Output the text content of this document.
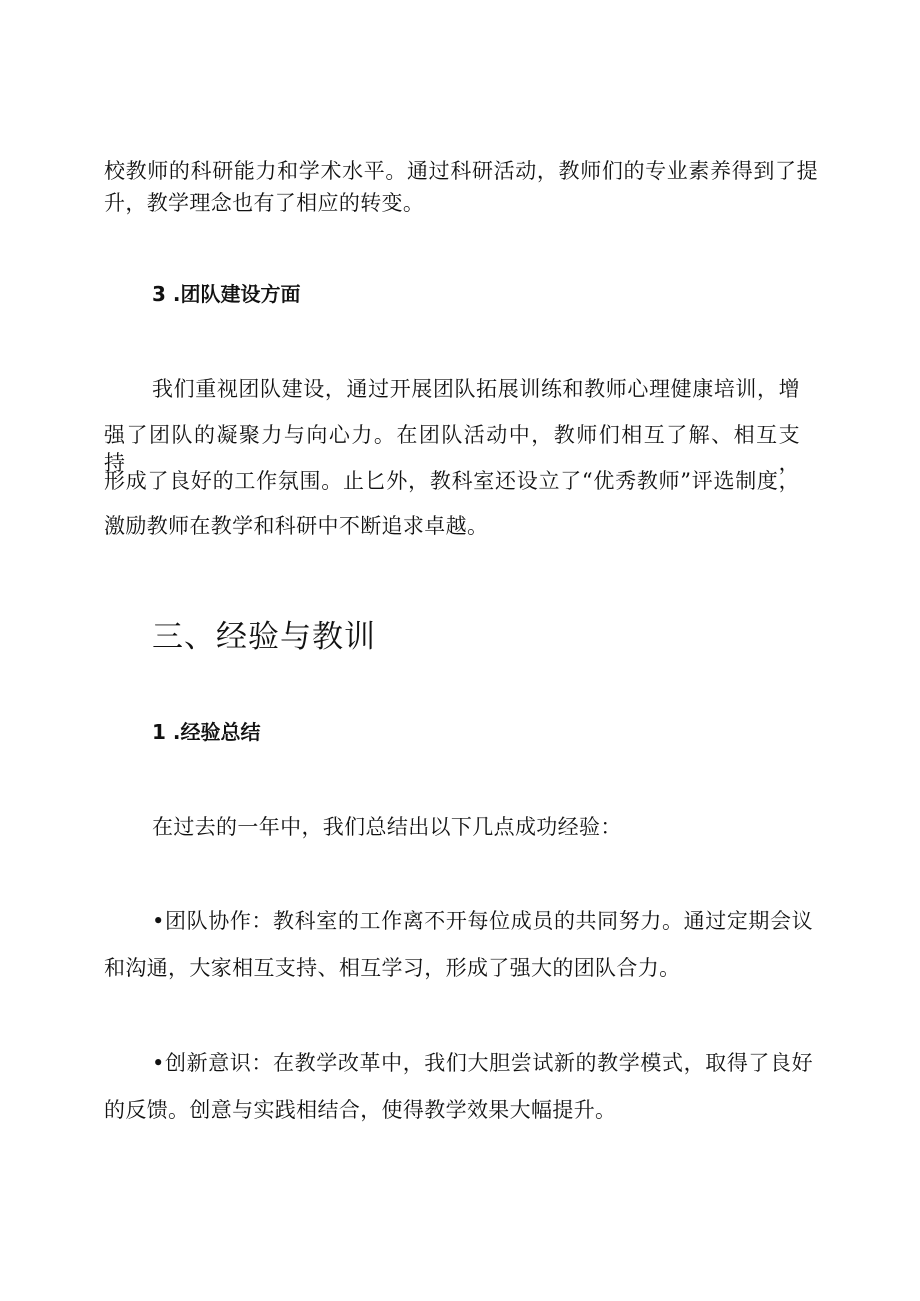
校教师的科研能力和学术水平。通过科研活动，教师们的专业素养得到了提
升，教学理念也有了相应的转变。
3 .团队建设方面
我们重视团队建设，通过开展团队拓展训练和教师心理健康培训，增
强了团队的凝聚力与向心力。在团队活动中，教师们相互了解、相互支持，
形成了良好的工作氛围。止匕外，教科室还设立了“优秀教师”评选制度，
激励教师在教学和科研中不断追求卓越。
三、经验与教训
1 .经验总结
在过去的一年中，我们总结出以下几点成功经验：
•团队协作：教科室的工作离不开每位成员的共同努力。通过定期会议
和沟通，大家相互支持、相互学习，形成了强大的团队合力。
•创新意识：在教学改革中，我们大胆尝试新的教学模式，取得了良好
的反馈。创意与实践相结合，使得教学效果大幅提升。
